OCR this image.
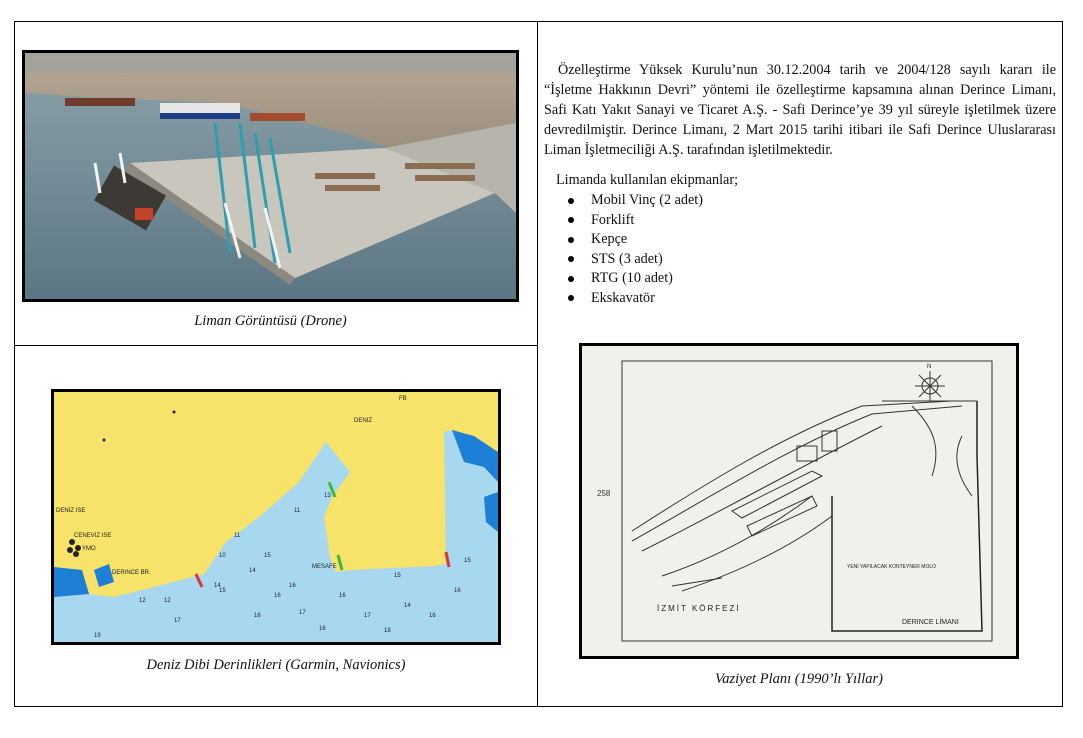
Liman Görüntüsü (Drone)
DENIZ
DERINCE BR.
MESAFE
DENIZ ISE
CENEVIZ ISE
YMO
FB
12	12
11
11
10
14
14
15
16
16	17
16
15
14
16
17	16
19
17
18
13
15
16
16
15
Deniz Dibi Derinlikleri (Garmin, Navionics)

Özelleştirme Yüksek Kurulu’nun 30.12.2004 tarih ve 2004/128 sayılı kararı ile “İşletme Hakkının Devri” yöntemi ile özelleştirme kapsamına alınan Derince Limanı, Safi Katı Yakıt Sanayi ve Ticaret A.Ş. - Safi Derince’ye 39 yıl süreyle işletilmek üzere devredilmiştir. Derince Limanı, 2 Mart 2015 tarihi itibari ile Safi Derince Uluslararası Liman İşletmeciliği A.Ş. tarafından işletilmektedir.

Limanda kullanılan ekipmanlar;
Mobil Vinç (2 adet)
Forklift
Kepçe
STS (3 adet)
RTG (10 adet)
Ekskavatör
N
258
İZMİT KÖRFEZİ
DERINCE LİMANI
YENİ YAPILACAK KONTEYNER MOLO
Vaziyet Planı (1990’lı Yıllar)
